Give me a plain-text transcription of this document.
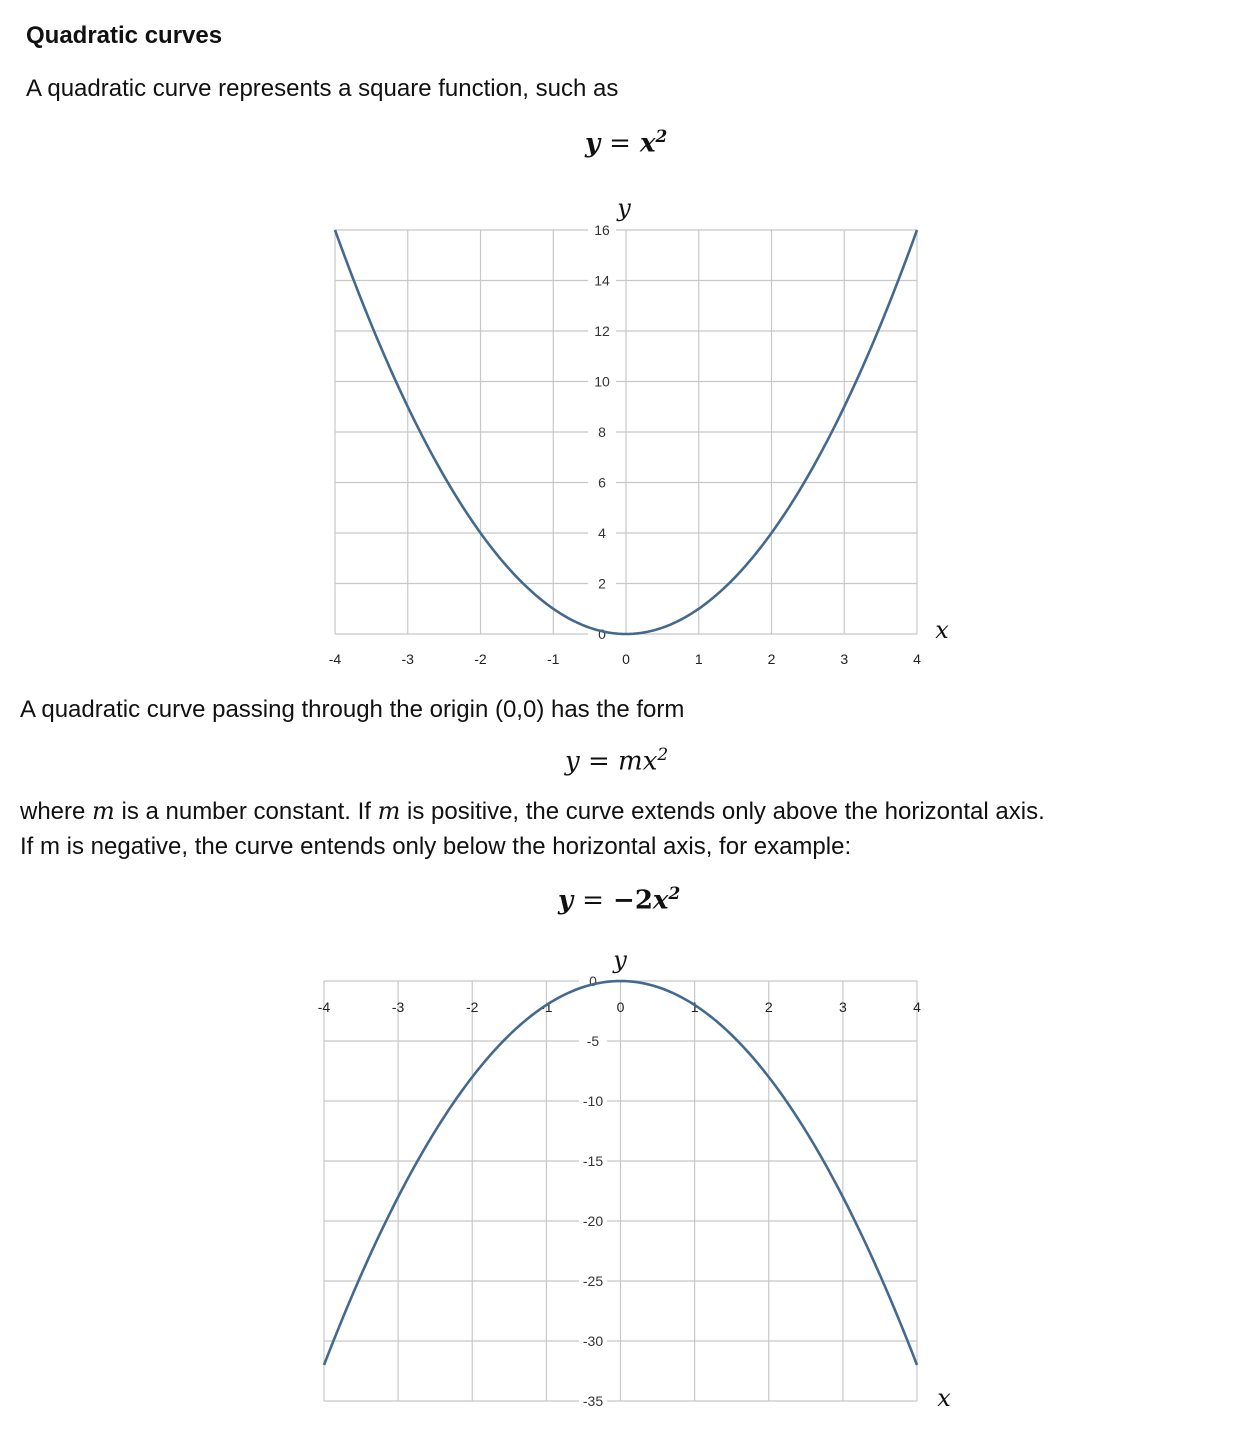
Quadratic curves
A quadratic curve represents a square function, such as
$y = x^2$
-4	-3	-2	-1	0	1	2	3	4
16
14
12
10
8
6
4
2
0
y
x
A quadratic curve passing through the origin (0,0) has the form
$y = mx^2$
where m is a number constant. If m is positive, the curve extends only above the horizontal axis.
If m is negative, the curve entends only below the horizontal axis, for example:
$y = -2x^2$
-4	-3	-2	-1	0	1	2	3	4
0
-5
-10
-15
-20
-25
-30
-35
y
x
